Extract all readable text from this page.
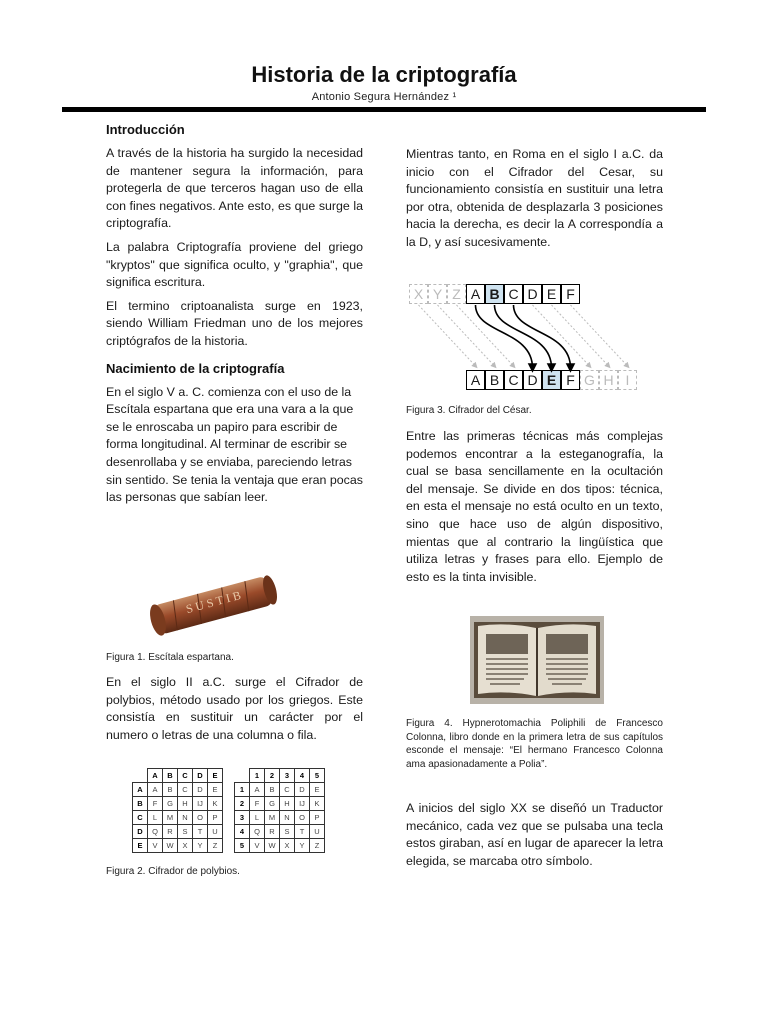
Historia de la criptografía
Antonio Segura Hernández ¹
Introducción

A través de la historia ha surgido la necesidad de mantener segura la información, para protegerla de que terceros hagan uso de ella con fines negativos. Ante esto, es que surge la criptografía.

La palabra Criptografía proviene del griego "kryptos" que significa oculto, y "graphia", que significa escritura.

El termino criptoanalista surge en 1923, siendo William Friedman uno de los mejores criptógrafos de la historia.

Nacimiento de la criptografía

En el siglo V a. C. comienza con el uso de la Escítala espartana que era una vara a la que se le enroscaba un papiro para escribir de forma longitudinal. Al terminar de escribir se desenrollaba y se enviaba, pareciendo letras sin sentido. Se tenia la ventaja que eran pocas las personas que sabían leer.

SUSTIB

Figura 1. Escítala espartana.

En el siglo II a.C. surge el Cifrador de polybios, método usado por los griegos. Este consistía en sustituir un carácter por el numero o letras de una columna o fila.

	A	B	C	D	E
A	A	B	C	D	E
B	F	G	H	IJ	K
C	L	M	N	O	P
D	Q	R	S	T	U
E	V	W	X	Y	Z
	1	2	3	4	5
1	A	B	C	D	E
2	F	G	H	IJ	K
3	L	M	N	O	P
4	Q	R	S	T	U
5	V	W	X	Y	Z

Figura 2. Cifrador de polybios.

Mientras tanto, en Roma en el siglo I a.C. da inicio con el Cifrador del Cesar, su funcionamiento consistía en sustituir una letra por otra, obtenida de desplazarla 3 posiciones hacia la derecha, es decir la A correspondía a la D, y así sucesivamente.

X Y Z A B C D E F
A B C D E F G H I

Figura 3. Cifrador del César.

Entre las primeras técnicas más complejas podemos encontrar a la esteganografía, la cual se basa sencillamente en la ocultación del mensaje. Se divide en dos tipos: técnica, en esta el mensaje no está oculto en un texto, sino que hace uso de algún dispositivo, mientas que al contrario la lingüística que utiliza letras y frases para ello. Ejemplo de esto es la tinta invisible.

Figura 4. Hypnerotomachia Poliphili de Francesco Colonna, libro donde en la primera letra de sus capítulos esconde el mensaje: “El hermano Francesco Colonna ama apasionadamente a Polia”.

A inicios del siglo XX se diseñó un Traductor mecánico, cada vez que se pulsaba una tecla estos giraban, así en lugar de aparecer la letra elegida, se marcaba otro símbolo.
